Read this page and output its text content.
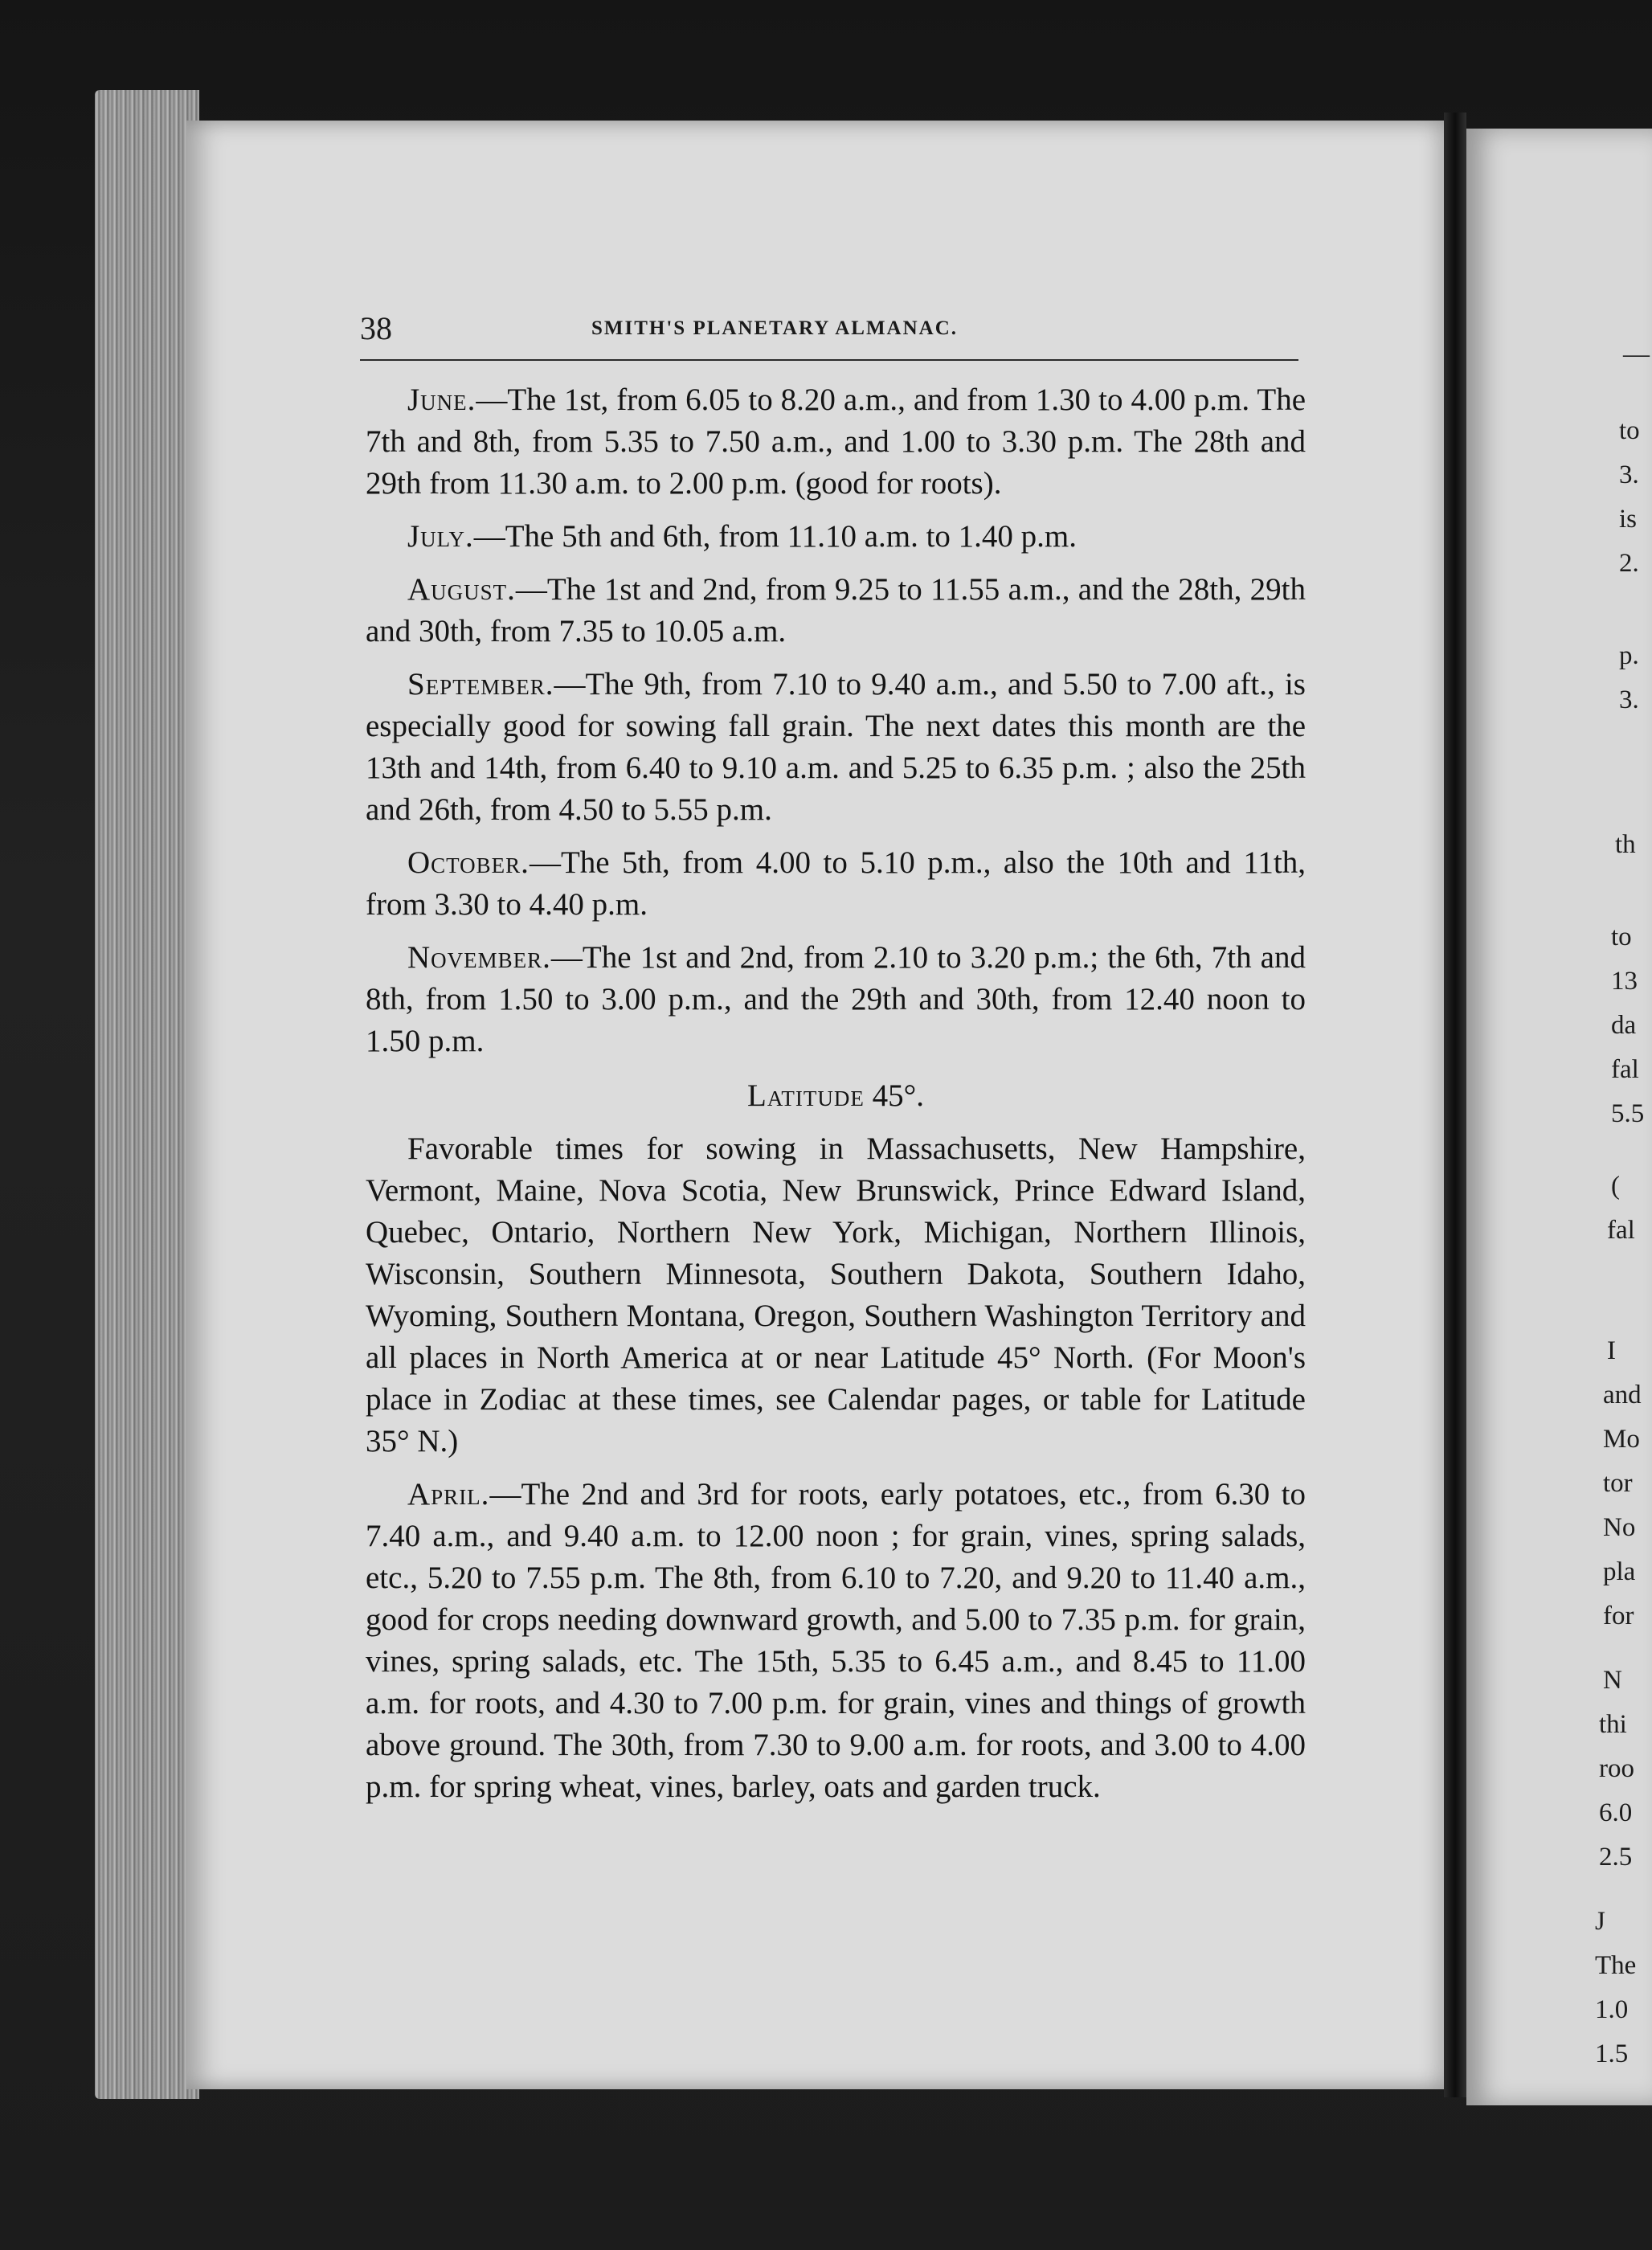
—
to
3.
is
2.
p.
3.
th
to
13
da
fal
5.5
(
fal
I
and
Mo
tor
No
pla
for
N
thi
roo
6.0
2.5
J
The
1.0
1.5
38	SMITH'S PLANETARY ALMANAC.

June.—The 1st, from 6.05 to 8.20 a.m., and from 1.30 to 4.00 p.m. The 7th and 8th, from 5.35 to 7.50 a.m., and 1.00 to 3.30 p.m. The 28th and 29th from 11.30 a.m. to 2.00 p.m. (good for roots).

July.—The 5th and 6th, from 11.10 a.m. to 1.40 p.m.

August.—The 1st and 2nd, from 9.25 to 11.55 a.m., and the 28th, 29th and 30th, from 7.35 to 10.05 a.m.

September.—The 9th, from 7.10 to 9.40 a.m., and 5.50 to 7.00 aft., is especially good for sowing fall grain. The next dates this month are the 13th and 14th, from 6.40 to 9.10 a.m. and 5.25 to 6.35 p.m. ; also the 25th and 26th, from 4.50 to 5.55 p.m.

October.—The 5th, from 4.00 to 5.10 p.m., also the 10th and 11th, from 3.30 to 4.40 p.m.

November.—The 1st and 2nd, from 2.10 to 3.20 p.m.; the 6th, 7th and 8th, from 1.50 to 3.00 p.m., and the 29th and 30th, from 12.40 noon to 1.50 p.m.

Latitude 45°.

Favorable times for sowing in Massachusetts, New Hampshire, Vermont, Maine, Nova Scotia, New Brunswick, Prince Edward Island, Quebec, Ontario, Northern New York, Michigan, Northern Illinois, Wisconsin, Southern Minnesota, Southern Dakota, Southern Idaho, Wyoming, Southern Montana, Oregon, Southern Washington Territory and all places in North America at or near Latitude 45° North. (For Moon's place in Zodiac at these times, see Calendar pages, or table for Latitude 35° N.)

April.—The 2nd and 3rd for roots, early potatoes, etc., from 6.30 to 7.40 a.m., and 9.40 a.m. to 12.00 noon ; for grain, vines, spring salads, etc., 5.20 to 7.55 p.m. The 8th, from 6.10 to 7.20, and 9.20 to 11.40 a.m., good for crops needing downward growth, and 5.00 to 7.35 p.m. for grain, vines, spring salads, etc. The 15th, 5.35 to 6.45 a.m., and 8.45 to 11.00 a.m. for roots, and 4.30 to 7.00 p.m. for grain, vines and things of growth above ground. The 30th, from 7.30 to 9.00 a.m. for roots, and 3.00 to 4.00 p.m. for spring wheat, vines, barley, oats and garden truck.
